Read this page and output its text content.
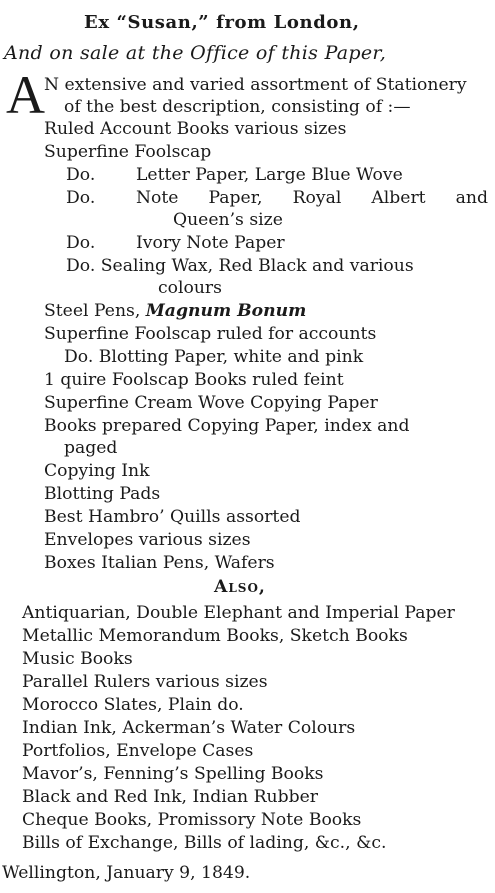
Ex “Susan,” from London,
And on sale at the Office of this Paper,
A N extensive and varied assortment of Stationery
of the best description, consisting of :—
Ruled Account Books various sizes
Superfine Foolscap
Do. Letter Paper, Large Blue Wove
Do. Note Paper, Royal Albert and
Queen’s size
Do. Ivory Note Paper
Do. Sealing Wax, Red Black and various
colours
Steel Pens, Magnum Bonum
Superfine Foolscap ruled for accounts
Do. Blotting Paper, white and pink
1 quire Foolscap Books ruled feint
Superfine Cream Wove Copying Paper
Books prepared Copying Paper, index and
paged
Copying Ink
Blotting Pads
Best Hambro’ Quills assorted
Envelopes various sizes
Boxes Italian Pens, Wafers
Also,
Antiquarian, Double Elephant and Imperial Paper
Metallic Memorandum Books, Sketch Books
Music Books
Parallel Rulers various sizes
Morocco Slates, Plain do.
Indian Ink, Ackerman’s Water Colours
Portfolios, Envelope Cases
Mavor’s, Fenning’s Spelling Books
Black and Red Ink, Indian Rubber
Cheque Books, Promissory Note Books
Bills of Exchange, Bills of lading, &c., &c.
Wellington, January 9, 1849.
